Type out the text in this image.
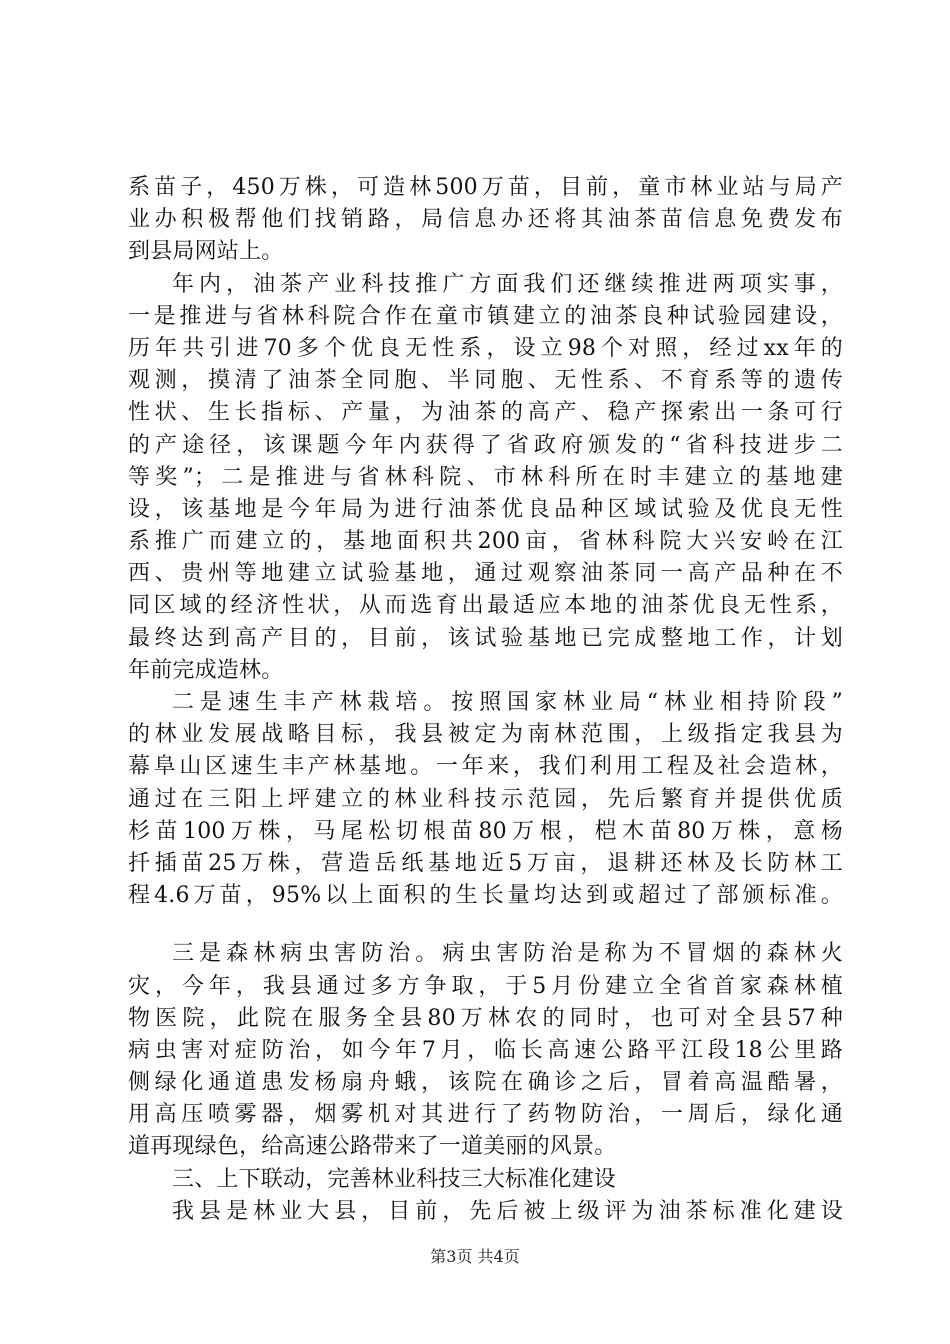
系苗子，450万株，可造林500万苗，目前，童市林业站与局产
业办积极帮他们找销路，局信息办还将其油茶苗信息免费发布
到县局网站上。
年内，油茶产业科技推广方面我们还继续推进两项实事，
一是推进与省林科院合作在童市镇建立的油茶良种试验园建设，
历年共引进70多个优良无性系，设立98个对照，经过xx年的
观测，摸清了油茶全同胞、半同胞、无性系、不育系等的遗传
性状、生长指标、产量，为油茶的高产、稳产探索出一条可行
的产途径，该课题今年内获得了省政府颁发的“省科技进步二
等奖”；二是推进与省林科院、市林科所在时丰建立的基地建
设，该基地是今年局为进行油茶优良品种区域试验及优良无性
系推广而建立的，基地面积共200亩，省林科院大兴安岭在江
西、贵州等地建立试验基地，通过观察油茶同一高产品种在不
同区域的经济性状，从而选育出最适应本地的油茶优良无性系，
最终达到高产目的，目前，该试验基地已完成整地工作，计划
年前完成造林。
二是速生丰产林栽培。按照国家林业局“林业相持阶段”
的林业发展战略目标，我县被定为南林范围，上级指定我县为
幕阜山区速生丰产林基地。一年来，我们利用工程及社会造林，
通过在三阳上坪建立的林业科技示范园，先后繁育并提供优质
杉苗100万株，马尾松切根苗80万根，桤木苗80万株，意杨
扦插苗25万株，营造岳纸基地近5万亩，退耕还林及长防林工
程4.6万苗，95%以上面积的生长量均达到或超过了部颁标准。
三是森林病虫害防治。病虫害防治是称为不冒烟的森林火
灾，今年，我县通过多方争取，于5月份建立全省首家森林植
物医院，此院在服务全县80万林农的同时，也可对全县57种
病虫害对症防治，如今年7月，临长高速公路平江段18公里路
侧绿化通道患发杨扇舟蛾，该院在确诊之后，冒着高温酷暑，
用高压喷雾器，烟雾机对其进行了药物防治，一周后，绿化通
道再现绿色，给高速公路带来了一道美丽的风景。
三、上下联动，完善林业科技三大标准化建设
我县是林业大县，目前，先后被上级评为油茶标准化建设
第3页 共4页
